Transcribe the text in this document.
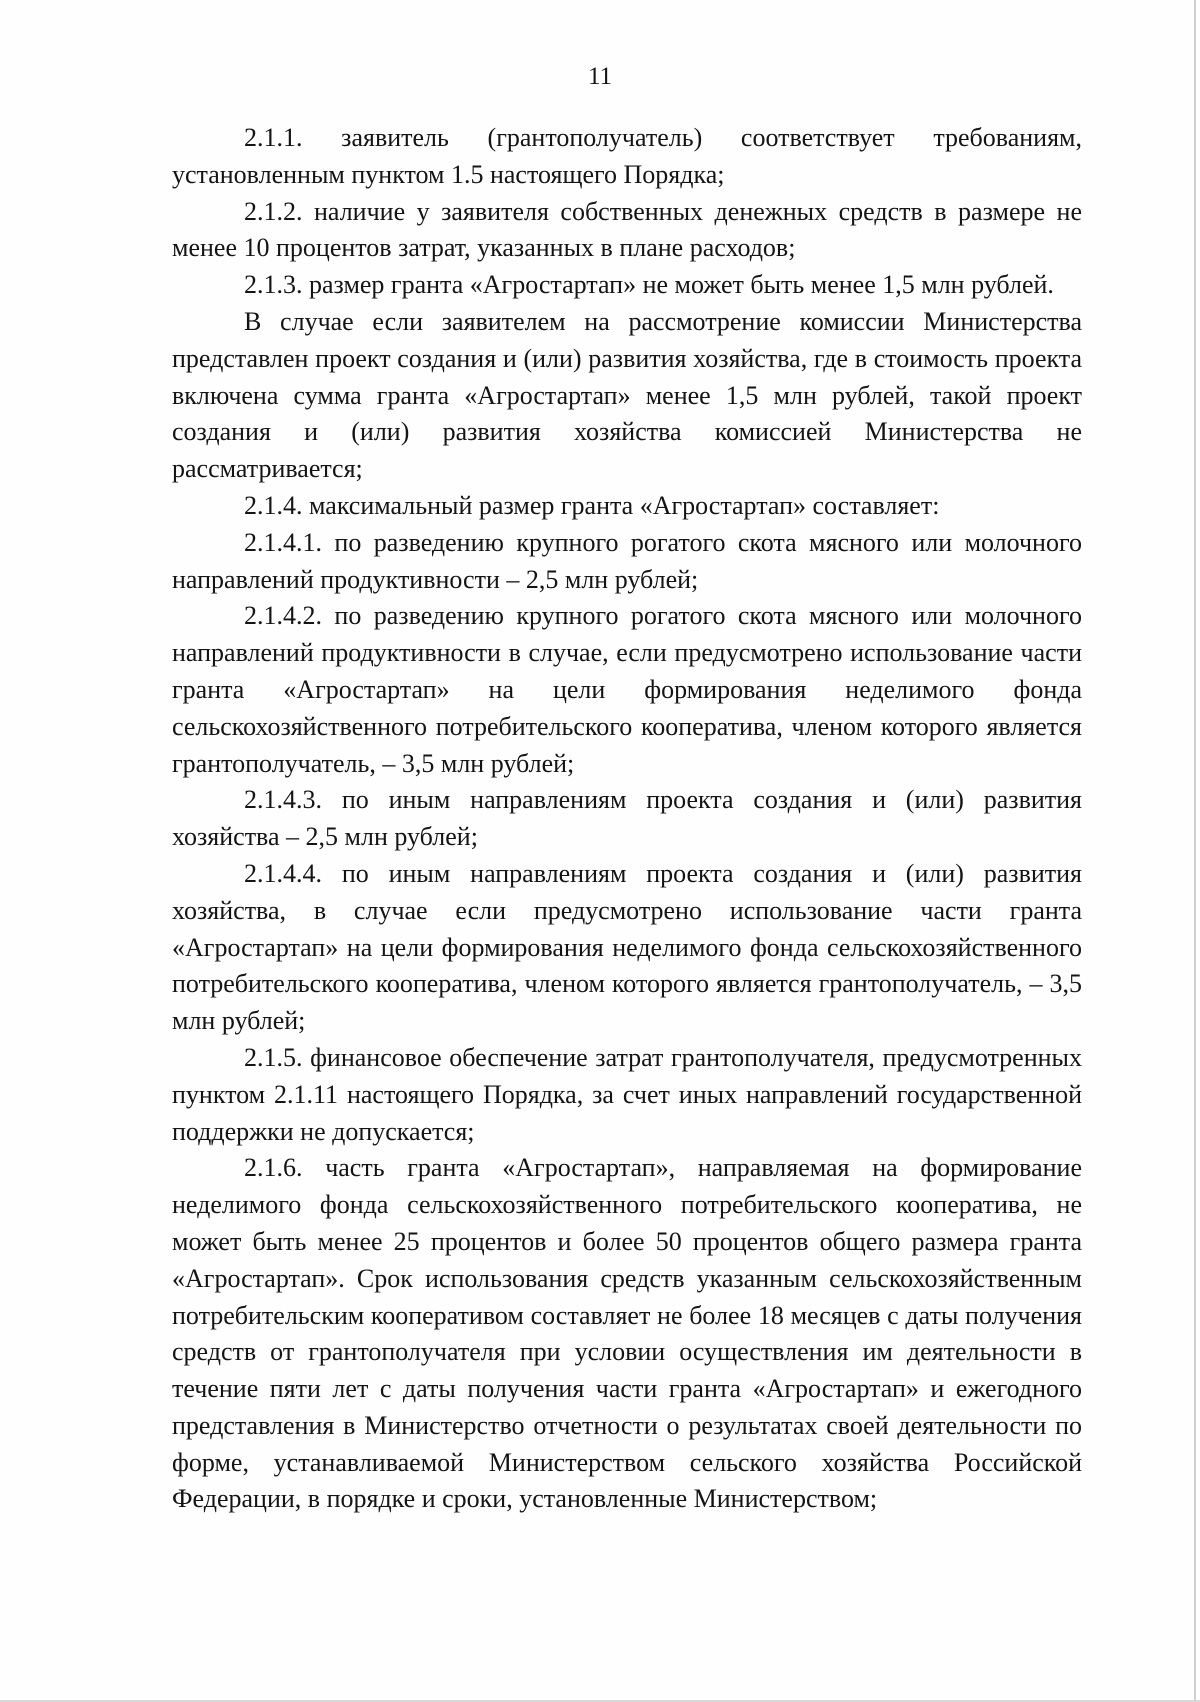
11

2.1.1. заявитель (грантополучатель) соответствует требованиям, установленным пунктом 1.5 настоящего Порядка;

2.1.2. наличие у заявителя собственных денежных средств в размере не менее 10 процентов затрат, указанных в плане расходов;

2.1.3. размер гранта «Агростартап» не может быть менее 1,5 млн рублей.

В случае если заявителем на рассмотрение комиссии Министерства представлен проект создания и (или) развития хозяйства, где в стоимость проекта включена сумма гранта «Агростартап» менее 1,5 млн рублей, такой проект создания и (или) развития хозяйства комиссией Министерства не рассматривается;

2.1.4. максимальный размер гранта «Агростартап» составляет:

2.1.4.1. по разведению крупного рогатого скота мясного или молочного направлений продуктивности – 2,5 млн рублей;

2.1.4.2. по разведению крупного рогатого скота мясного или молочного направлений продуктивности в случае, если предусмотрено использование части гранта «Агростартап» на цели формирования неделимого фонда сельскохозяйственного потребительского кооператива, членом которого является грантополучатель, – 3,5 млн рублей;

2.1.4.3. по иным направлениям проекта создания и (или) развития хозяйства – 2,5 млн рублей;

2.1.4.4. по иным направлениям проекта создания и (или) развития хозяйства, в случае если предусмотрено использование части гранта «Агростартап» на цели формирования неделимого фонда сельскохозяйственного потребительского кооператива, членом которого является грантополучатель, – 3,5 млн рублей;

2.1.5. финансовое обеспечение затрат грантополучателя, предусмотренных пунктом 2.1.11 настоящего Порядка, за счет иных направлений государственной поддержки не допускается;

2.1.6. часть гранта «Агростартап», направляемая на формирование неделимого фонда сельскохозяйственного потребительского кооператива, не может быть менее 25 процентов и более 50 процентов общего размера гранта «Агростартап». Срок использования средств указанным сельскохозяйственным потребительским кооперативом составляет не более 18 месяцев с даты получения средств от грантополучателя при условии осуществления им деятельности в течение пяти лет с даты получения части гранта «Агростартап» и ежегодного представления в Министерство отчетности о результатах своей деятельности по форме, устанавливаемой Министерством сельского хозяйства Российской Федерации, в порядке и сроки, установленные Министерством;
